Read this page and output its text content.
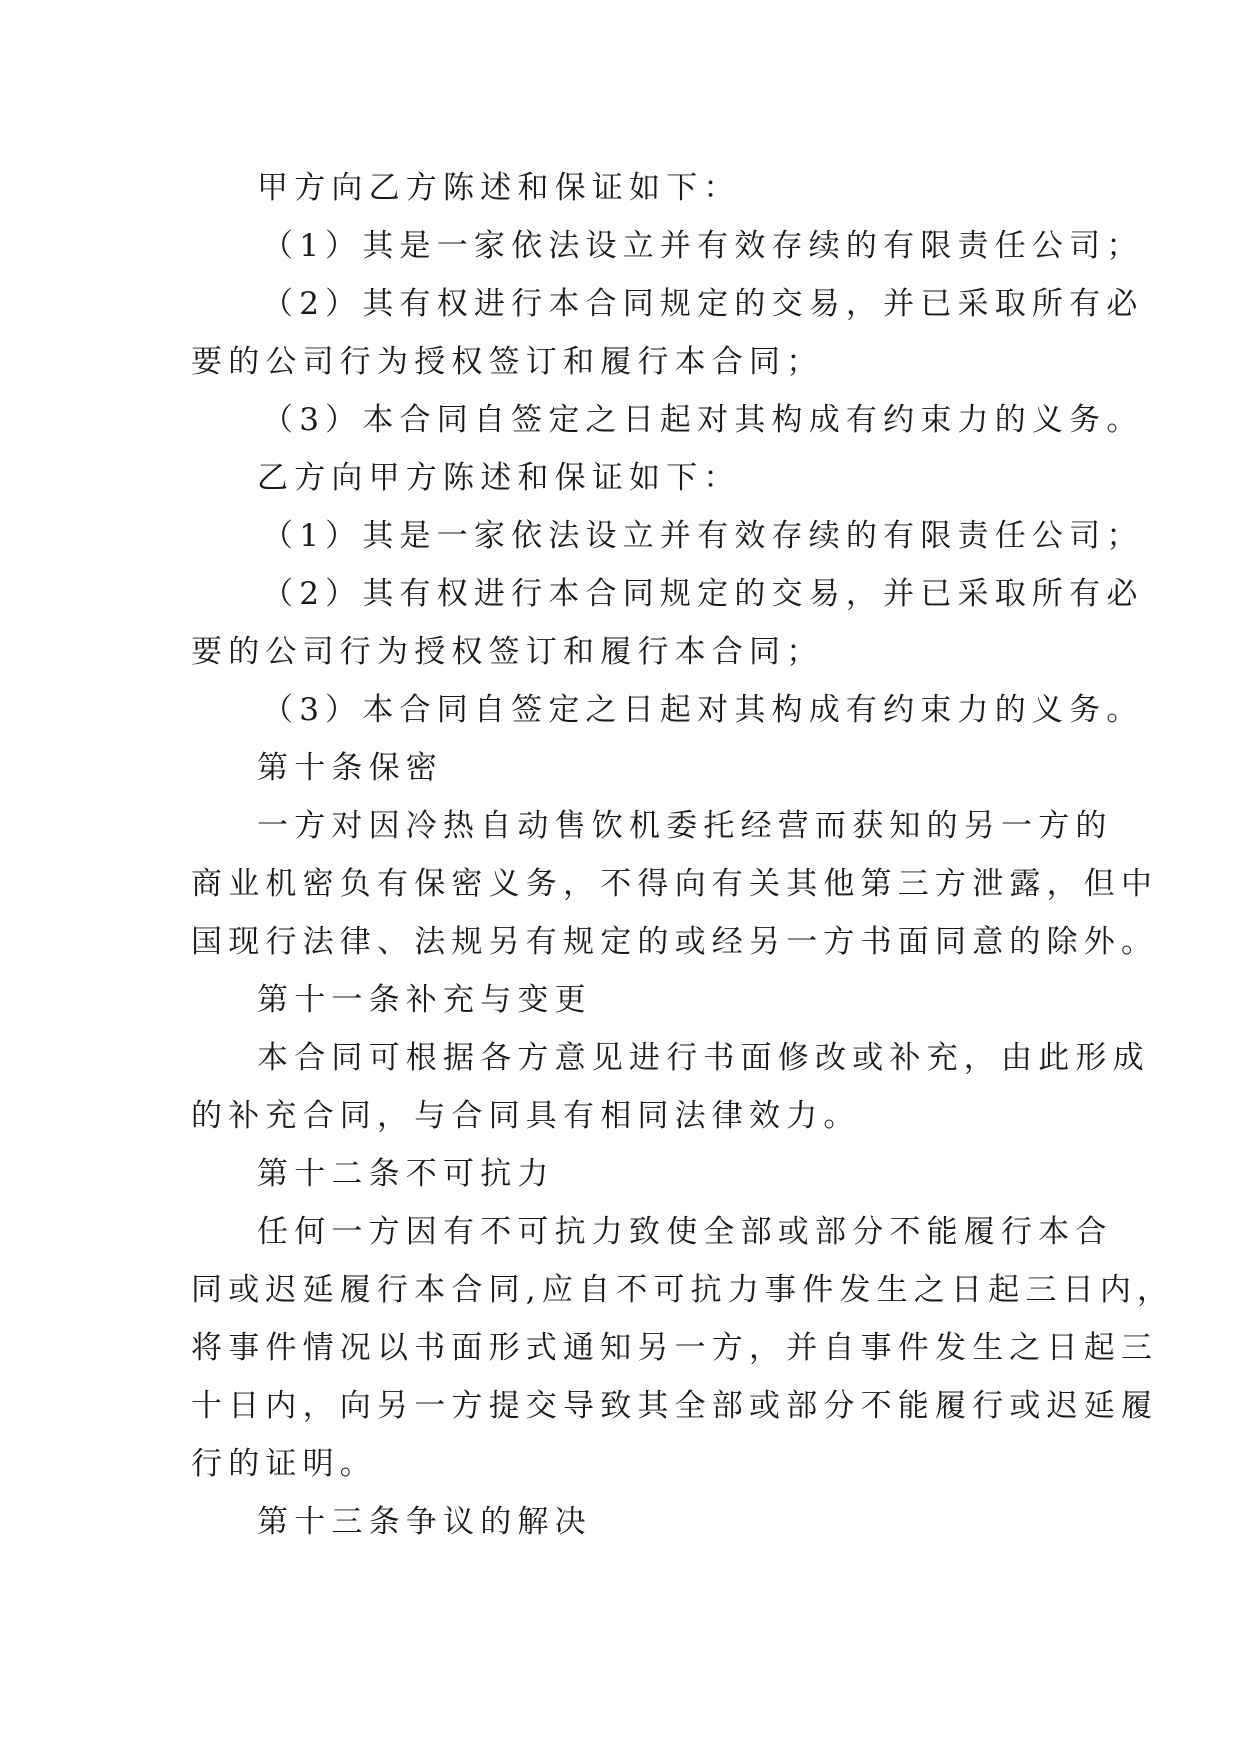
甲方向乙方陈述和保证如下：
（1）其是一家依法设立并有效存续的有限责任公司；
（2）其有权进行本合同规定的交易，并已采取所有必
要的公司行为授权签订和履行本合同；
（3）本合同自签定之日起对其构成有约束力的义务。
乙方向甲方陈述和保证如下：
（1）其是一家依法设立并有效存续的有限责任公司；
（2）其有权进行本合同规定的交易，并已采取所有必
要的公司行为授权签订和履行本合同；
（3）本合同自签定之日起对其构成有约束力的义务。
第十条保密
一方对因冷热自动售饮机委托经营而获知的另一方的
商业机密负有保密义务，不得向有关其他第三方泄露，但中
国现行法律、法规另有规定的或经另一方书面同意的除外。
第十一条补充与变更
本合同可根据各方意见进行书面修改或补充，由此形成
的补充合同，与合同具有相同法律效力。
第十二条不可抗力
任何一方因有不可抗力致使全部或部分不能履行本合
同或迟延履行本合同,应自不可抗力事件发生之日起三日内，
将事件情况以书面形式通知另一方，并自事件发生之日起三
十日内，向另一方提交导致其全部或部分不能履行或迟延履
行的证明。
第十三条争议的解决
